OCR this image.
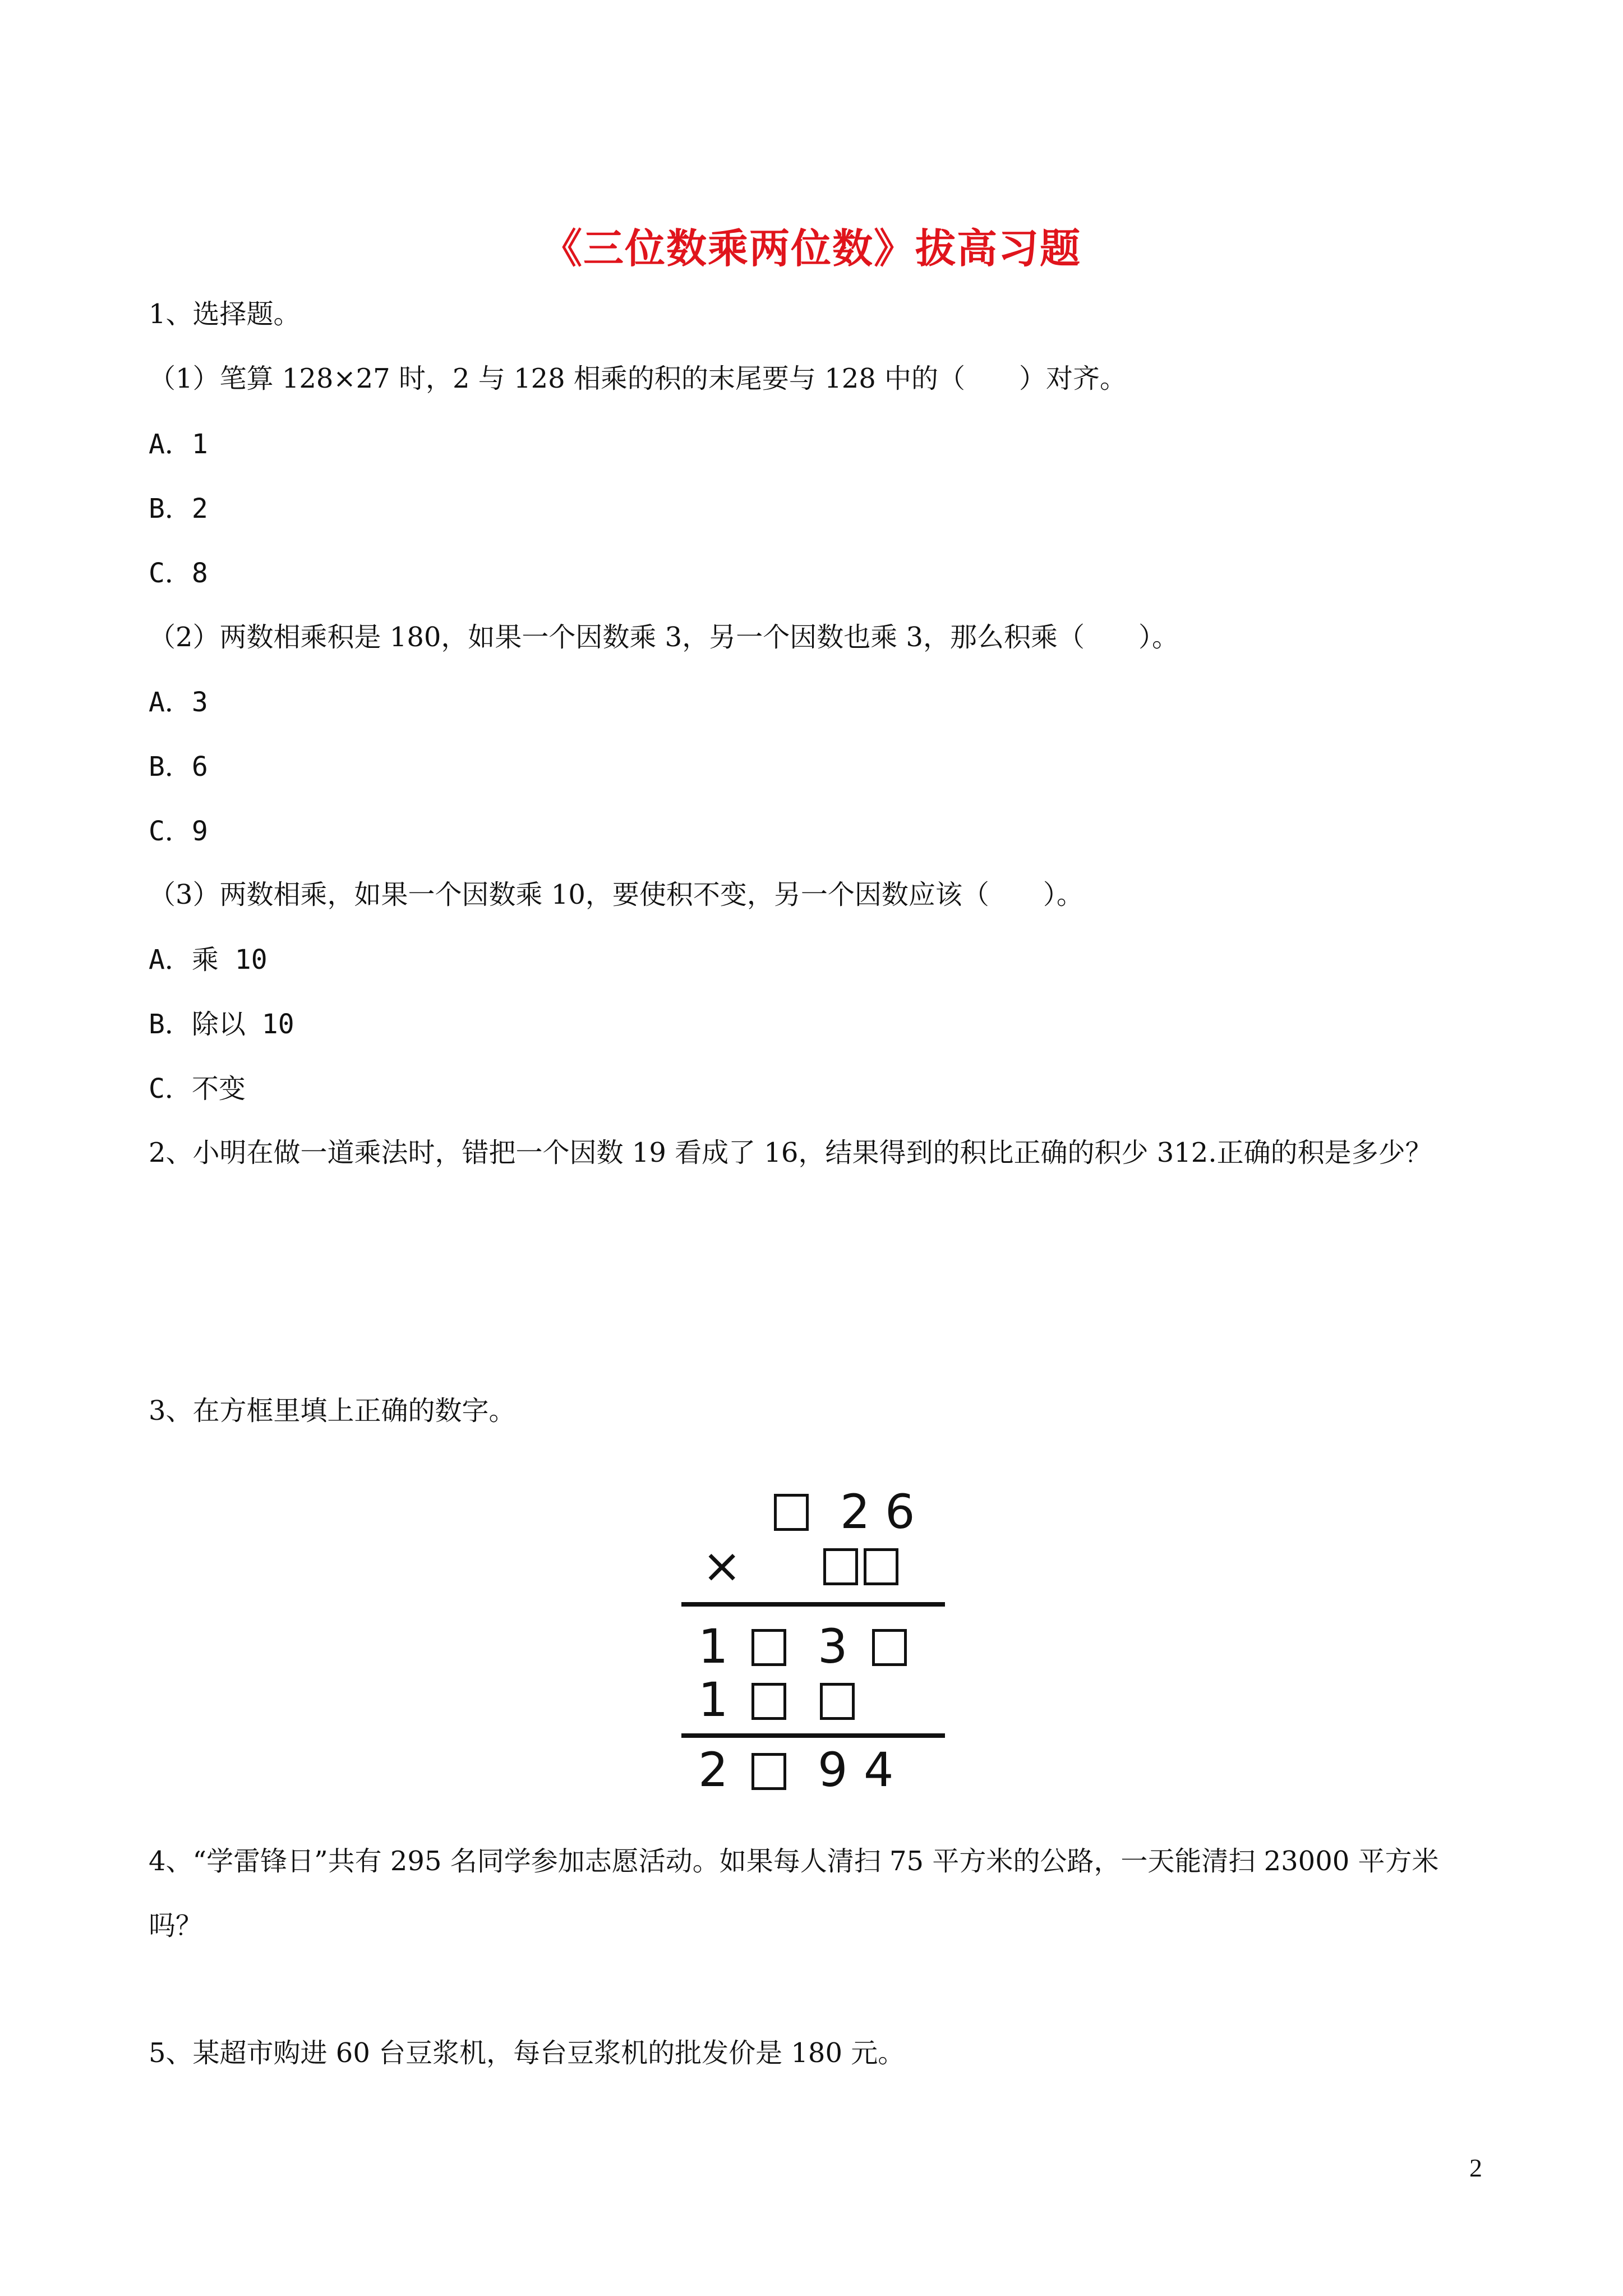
《三位数乘两位数》拔高习题
1、选择题。
（1）笔算 128×27 时，2 与 128 相乘的积的末尾要与 128 中的（　　）对齐。
A．1
B．2
C．8
（2）两数相乘积是 180，如果一个因数乘 3，另一个因数也乘 3，那么积乘（　　）。
A．3
B．6
C．9
（3）两数相乘，如果一个因数乘 10，要使积不变，另一个因数应该（　　）。
A．乘 10
B．除以 10
C．不变
2、小明在做一道乘法时，错把一个因数 19 看成了 16，结果得到的积比正确的积少 312.正确的积是多少？
3、在方框里填上正确的数字。
2 6
×
1 3
1
2 9 4
4、“学雷锋日”共有 295 名同学参加志愿活动。如果每人清扫 75 平方米的公路，一天能清扫 23000 平方米
吗？
5、某超市购进 60 台豆浆机，每台豆浆机的批发价是 180 元。
2
